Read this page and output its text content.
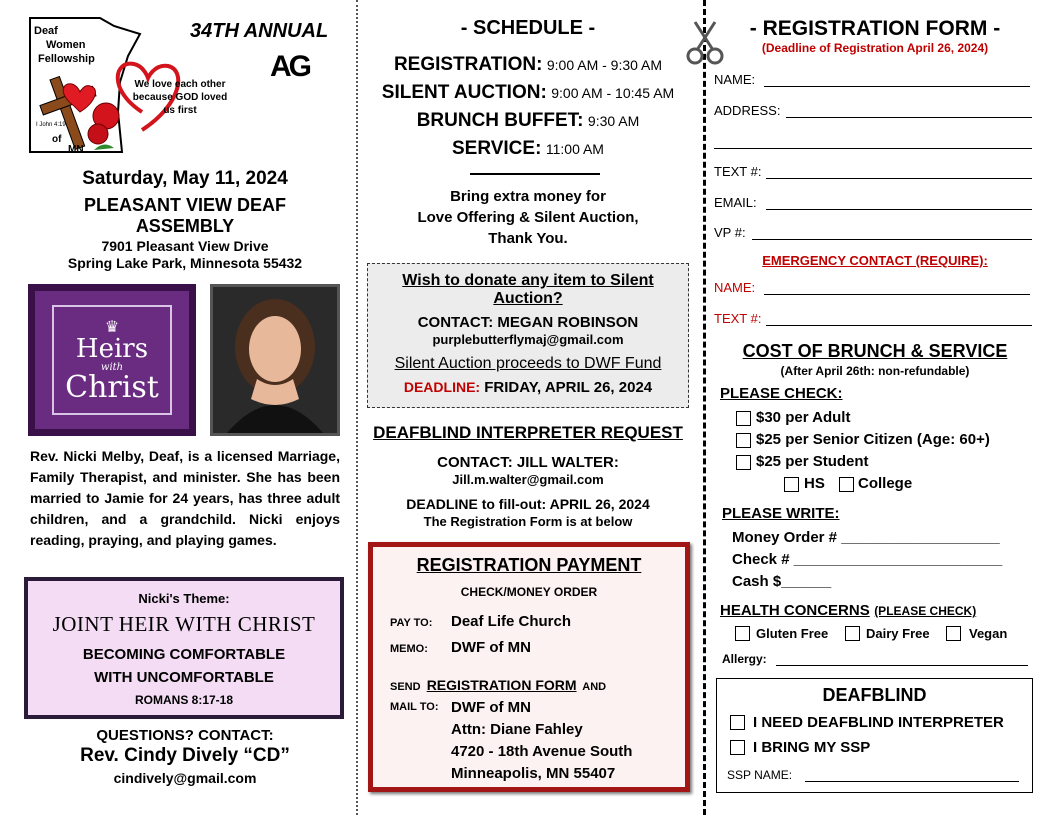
Deaf
Women
Fellowship
I John 4:19
of
MN
We love each other because GOD loved us first
34TH ANNUAL
AG
Saturday, May 11, 2024
PLEASANT VIEW DEAF
ASSEMBLY
7901 Pleasant View Drive
Spring Lake Park, Minnesota 55432
♛
Heirs
with
Christ
Rev. Nicki Melby, Deaf, is a licensed Marriage, Family Therapist, and minister. She has been married to Jamie for 24 years, has three adult children, and a grandchild. Nicki enjoys reading, praying, and playing games.
Nicki's Theme:
JOINT HEIR WITH CHRIST
BECOMING COMFORTABLE
WITH UNCOMFORTABLE
ROMANS 8:17-18
QUESTIONS? CONTACT:
Rev. Cindy Dively “CD”
cindively@gmail.com
- SCHEDULE -
REGISTRATION: 9:00 AM - 9:30 AM
SILENT AUCTION: 9:00 AM - 10:45 AM
BRUNCH BUFFET: 9:30 AM
SERVICE: 11:00 AM
Bring extra money for
Love Offering & Silent Auction,
Thank You.
Wish to donate any item to Silent Auction?
CONTACT: MEGAN ROBINSON
purplebutterflymaj@gmail.com
Silent Auction proceeds to DWF Fund
DEADLINE: FRIDAY, APRIL 26, 2024
DEAFBLIND INTERPRETER REQUEST
CONTACT: JILL WALTER:
Jill.m.walter@gmail.com
DEADLINE to fill-out: APRIL 26, 2024
The Registration Form is at below
REGISTRATION PAYMENT
CHECK/MONEY ORDER
PAY TO: Deaf Life Church
MEMO: DWF of MN
SEND REGISTRATION FORM AND
MAIL TO: DWF of MN
Attn: Diane Fahley
4720 - 18th Avenue South
Minneapolis, MN 55407
- REGISTRATION FORM -
(Deadline of Registration April 26, 2024)
NAME:
ADDRESS:
TEXT #:
EMAIL:
VP #:
EMERGENCY CONTACT (REQUIRE):
NAME:
TEXT #:
COST OF BRUNCH & SERVICE
(After April 26th: non-refundable)
PLEASE CHECK:
$30 per Adult
$25 per Senior Citizen (Age: 60+)
$25 per Student
HS College
PLEASE WRITE:
Money Order # ___________________
Check # _________________________
Cash $______
HEALTH CONCERNS (PLEASE CHECK)
Gluten Free	Dairy Free	Vegan
Allergy:
DEAFBLIND
I NEED DEAFBLIND INTERPRETER
I BRING MY SSP
SSP NAME:
